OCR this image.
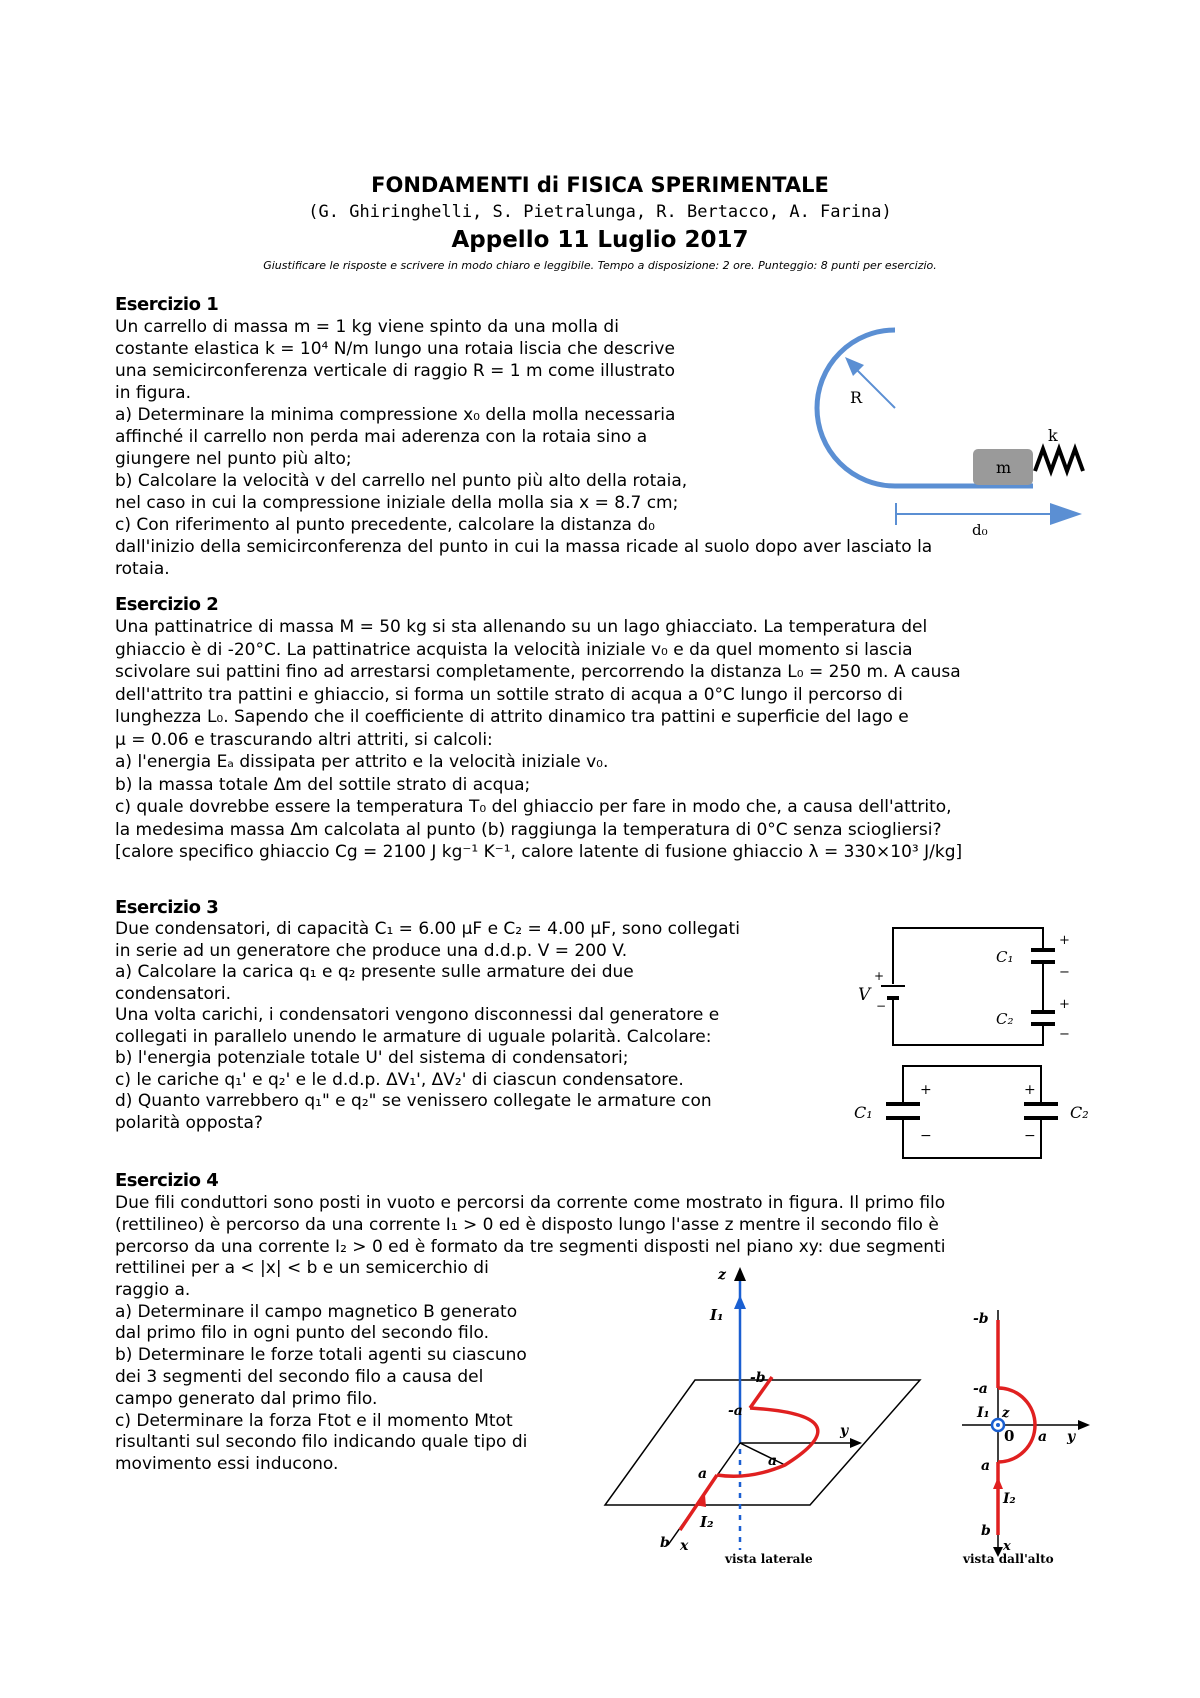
FONDAMENTI di FISICA SPERIMENTALE
(G. Ghiringhelli, S. Pietralunga, R. Bertacco, A. Farina)
Appello 11 Luglio 2017
Giustificare le risposte e scrivere in modo chiaro e leggibile. Tempo a disposizione: 2 ore. Punteggio: 8 punti per esercizio.
Esercizio 1

Un carrello di massa m = 1 kg viene spinto da una molla di

costante elastica k = 10⁴ N/m lungo una rotaia liscia che descrive

una semicirconferenza verticale di raggio R = 1 m come illustrato

in figura.

a) Determinare la minima compressione x₀ della molla necessaria

affinché il carrello non perda mai aderenza con la rotaia sino a

giungere nel punto più alto;

b) Calcolare la velocità v del carrello nel punto più alto della rotaia,

nel caso in cui la compressione iniziale della molla sia x = 8.7 cm;

c) Con riferimento al punto precedente, calcolare la distanza d₀

dall'inizio della semicirconferenza del punto in cui la massa ricade al suolo dopo aver lasciato la

rotaia.

R
m
k
d₀
Esercizio 2

Una pattinatrice di massa M = 50 kg si sta allenando su un lago ghiacciato. La temperatura del

ghiaccio è di -20°C. La pattinatrice acquista la velocità iniziale v₀ e da quel momento si lascia

scivolare sui pattini fino ad arrestarsi completamente, percorrendo la distanza L₀ = 250 m. A causa

dell'attrito tra pattini e ghiaccio, si forma un sottile strato di acqua a 0°C lungo il percorso di

lunghezza L₀. Sapendo che il coefficiente di attrito dinamico tra pattini e superficie del lago e

µ = 0.06 e trascurando altri attriti, si calcoli:

a) l'energia Eₐ dissipata per attrito e la velocità iniziale v₀.

b) la massa totale Δm del sottile strato di acqua;

c) quale dovrebbe essere la temperatura T₀ del ghiaccio per fare in modo che, a causa dell'attrito,

la medesima massa Δm calcolata al punto (b) raggiunga la temperatura di 0°C senza sciogliersi?

[calore specifico ghiaccio Cg = 2100 J kg⁻¹ K⁻¹, calore latente di fusione ghiaccio λ = 330×10³ J/kg]

Esercizio 3

Due condensatori, di capacità C₁ = 6.00 µF e C₂ = 4.00 µF, sono collegati

in serie ad un generatore che produce una d.d.p. V = 200 V.

a) Calcolare la carica q₁ e q₂ presente sulle armature dei due

condensatori.

Una volta carichi, i condensatori vengono disconnessi dal generatore e

collegati in parallelo unendo le armature di uguale polarità. Calcolare:

b) l'energia potenziale totale U' del sistema di condensatori;

c) le cariche q₁' e q₂' e le d.d.p. ΔV₁', ΔV₂' di ciascun condensatore.

d) Quanto varrebbero q₁" e q₂" se venissero collegate le armature con

polarità opposta?

+
−
+
−
C₁
C₂
V
+
−
+
−
+
−
C₁	C₂
Esercizio 4

Due fili conduttori sono posti in vuoto e percorsi da corrente come mostrato in figura. Il primo filo

(rettilineo) è percorso da una corrente I₁ > 0 ed è disposto lungo l'asse z mentre il secondo filo è

percorso da una corrente I₂ > 0 ed è formato da tre segmenti disposti nel piano xy: due segmenti

rettilinei per a < |x| < b e un semicerchio di

raggio a.

a) Determinare il campo magnetico B generato

dal primo filo in ogni punto del secondo filo.

b) Determinare le forze totali agenti su ciascuno

dei 3 segmenti del secondo filo a causa del

campo generato dal primo filo.

c) Determinare la forza Ftot e il momento Mtot

risultanti sul secondo filo indicando quale tipo di

movimento essi inducono.

z
I₁
y
-b
-a
a
a
I₂
b x
vista laterale
-b
-a
I₁ z
0 a y
a
I₂
b
x
vista dall'alto
